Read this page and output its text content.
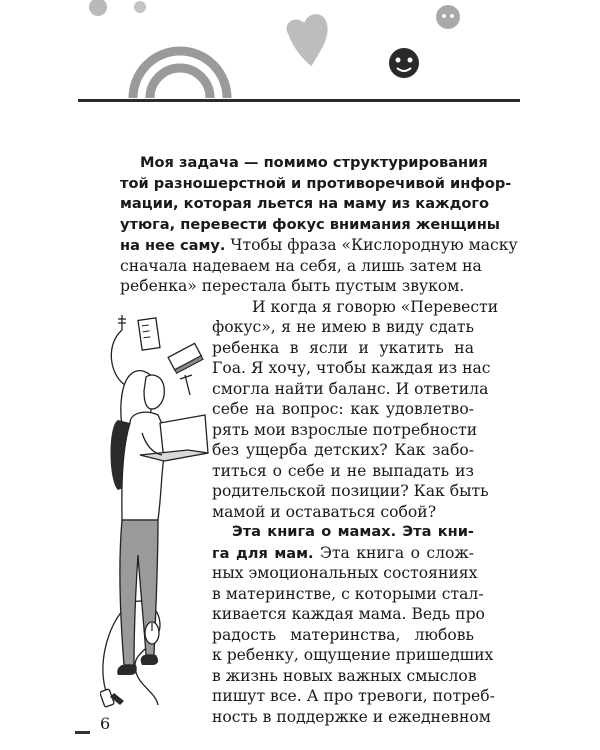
Моя задача — помимо структурирования
той разношерстной и противоречивой инфор-
мации, которая льется на маму из каждого
утюга, перевести фокус внимания женщины
на нее саму. Чтобы фраза «Кислородную маску
сначала надеваем на себя, а лишь затем на
ребенка» перестала быть пустым звуком.
И когда я говорю «Перевести
фокус», я не имею в виду сдать
ребенка в ясли и укатить на
Гоа. Я хочу, чтобы каждая из нас
смогла найти баланс. И ответила
себе на вопрос: как удовлетво-
рять мои взрослые потребности
без ущерба детских? Как забо-
титься о себе и не выпадать из
родительской позиции? Как быть
мамой и оставаться собой?
Эта книга о мамах. Эта кни-
га для мам. Эта книга о слож-
ных эмоциональных состояниях
в материнстве, с которыми стал-
кивается каждая мама. Ведь про
радость материнства, любовь
к ребенку, ощущение пришедших
в жизнь новых важных смыслов
пишут все. А про тревоги, потреб-
ность в поддержке и ежедневном
6
